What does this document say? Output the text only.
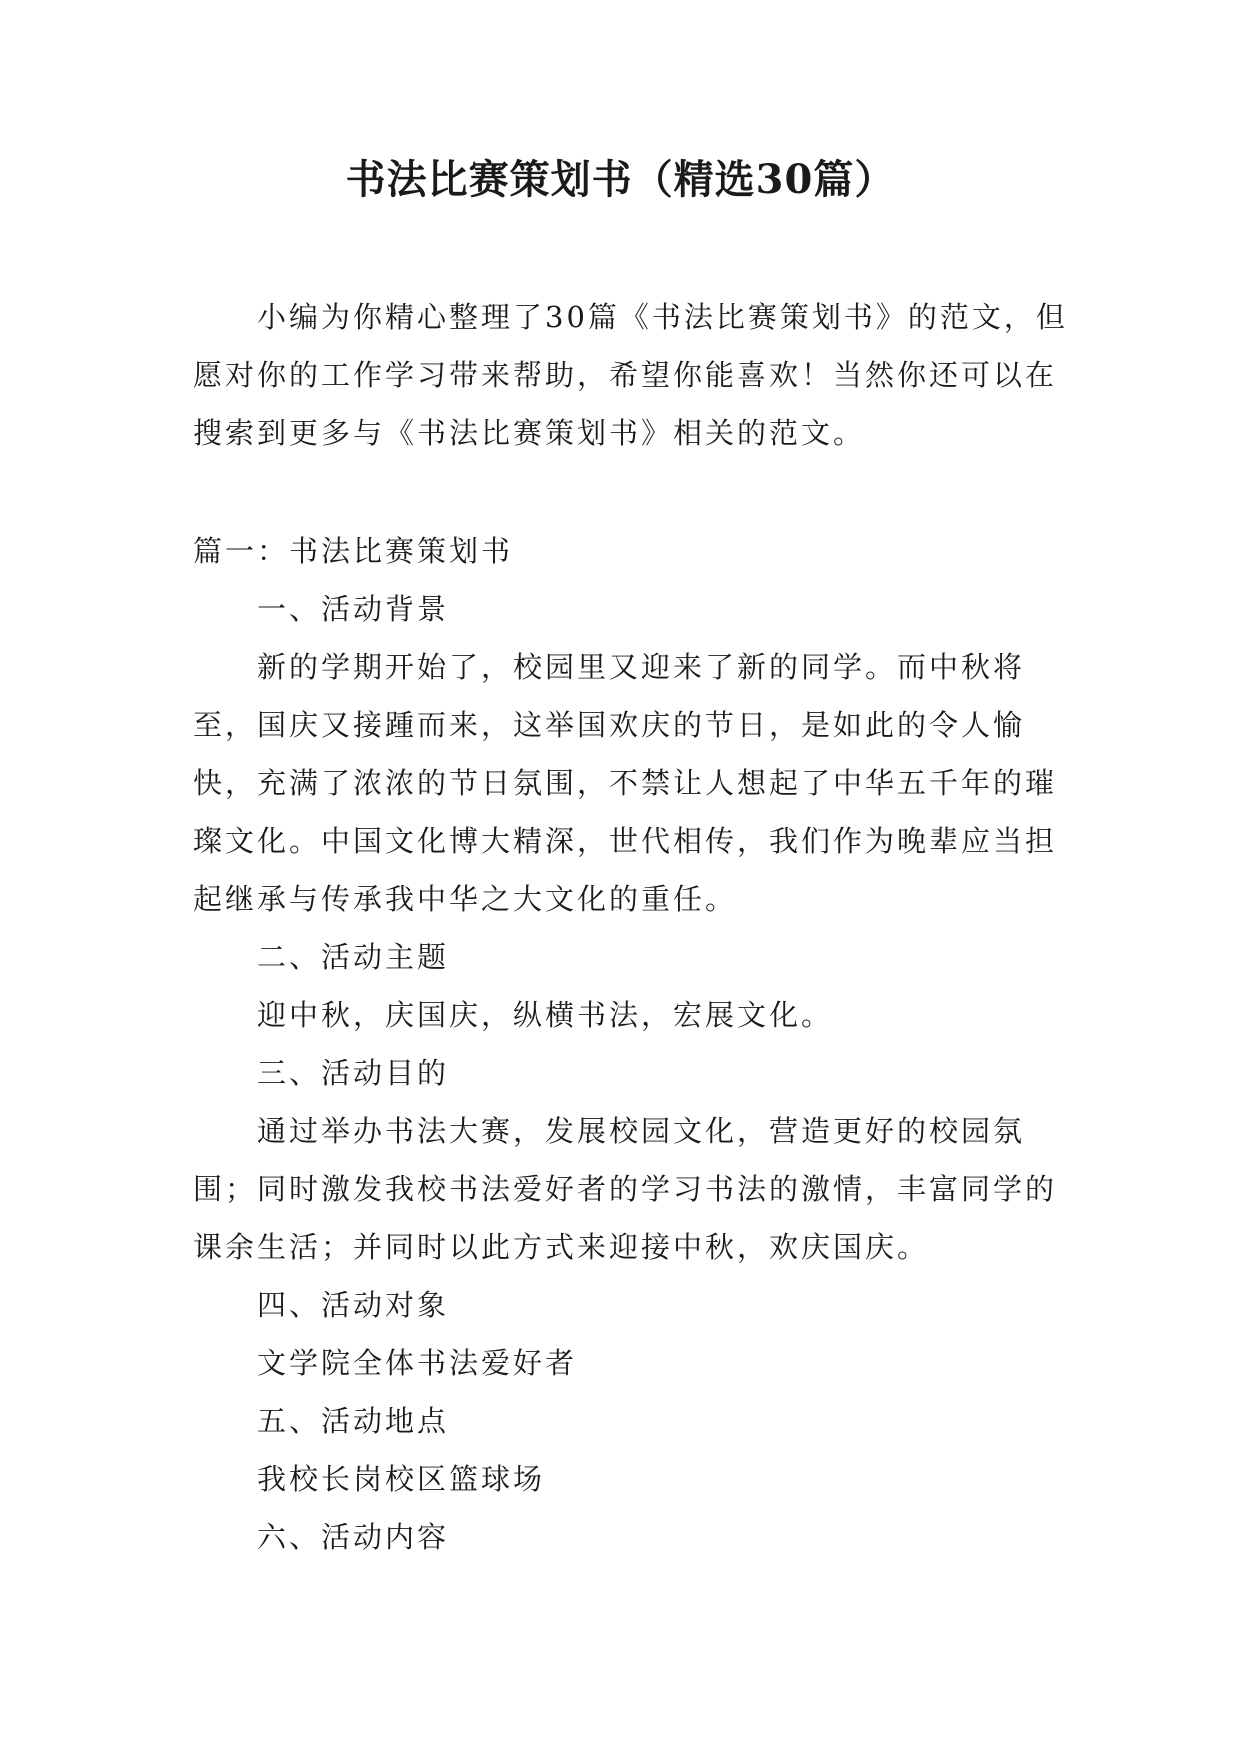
书法比赛策划书（精选30篇）

小编为你精心整理了30篇《书法比赛策划书》的范文，但愿对你的工作学习带来帮助，希望你能喜欢！当然你还可以在搜索到更多与《书法比赛策划书》相关的范文。

篇一：书法比赛策划书

一、活动背景

新的学期开始了，校园里又迎来了新的同学。而中秋将至，国庆又接踵而来，这举国欢庆的节日，是如此的令人愉快，充满了浓浓的节日氛围，不禁让人想起了中华五千年的璀璨文化。中国文化博大精深，世代相传，我们作为晚辈应当担起继承与传承我中华之大文化的重任。

二、活动主题

迎中秋，庆国庆，纵横书法，宏展文化。

三、活动目的

通过举办书法大赛，发展校园文化，营造更好的校园氛围；同时激发我校书法爱好者的学习书法的激情，丰富同学的课余生活；并同时以此方式来迎接中秋，欢庆国庆。

四、活动对象

文学院全体书法爱好者

五、活动地点

我校长岗校区篮球场

六、活动内容
